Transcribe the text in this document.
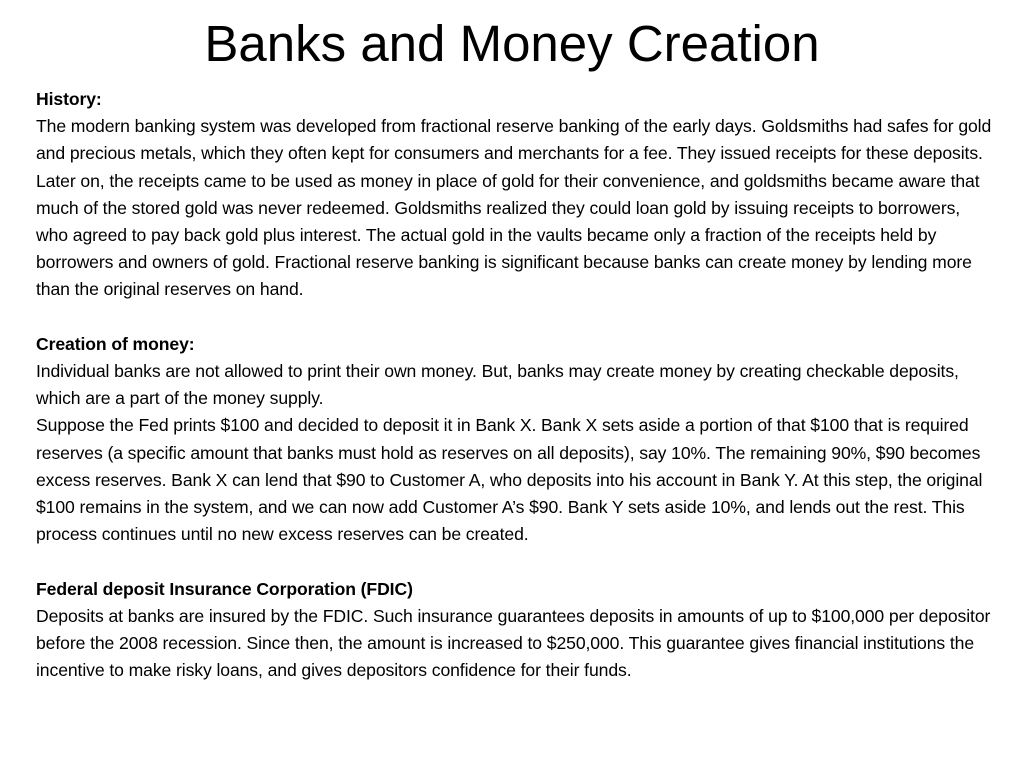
Banks and Money Creation
History:
The modern banking system was developed from fractional reserve banking of the early days. Goldsmiths had safes for gold and precious metals, which they often kept for consumers and merchants for a fee. They issued receipts for these deposits. Later on, the receipts came to be used as money in place of gold for their convenience, and goldsmiths became aware that much of the stored gold was never redeemed. Goldsmiths realized they could loan gold by issuing receipts to borrowers, who agreed to pay back gold plus interest. The actual gold in the vaults became only a fraction of the receipts held by borrowers and owners of gold. Fractional reserve banking is significant because banks can create money by lending more than the original reserves on hand.
Creation of money:
Individual banks are not allowed to print their own money. But, banks may create money by creating checkable deposits, which are a part of the money supply.
Suppose the Fed prints $100 and decided to deposit it in Bank X. Bank X sets aside a portion of that $100 that is required reserves (a specific amount that banks must hold as reserves on all deposits), say 10%. The remaining 90%, $90 becomes excess reserves. Bank X can lend that $90 to Customer A, who deposits into his account in Bank Y. At this step, the original $100 remains in the system, and we can now add Customer A’s $90. Bank Y sets aside 10%, and lends out the rest. This process continues until no new excess reserves can be created.
Federal deposit Insurance Corporation (FDIC)
Deposits at banks are insured by the FDIC. Such insurance guarantees deposits in amounts of up to $100,000 per depositor before the 2008 recession. Since then, the amount is increased to $250,000. This guarantee gives financial institutions the incentive to make risky loans, and gives depositors confidence for their funds.
